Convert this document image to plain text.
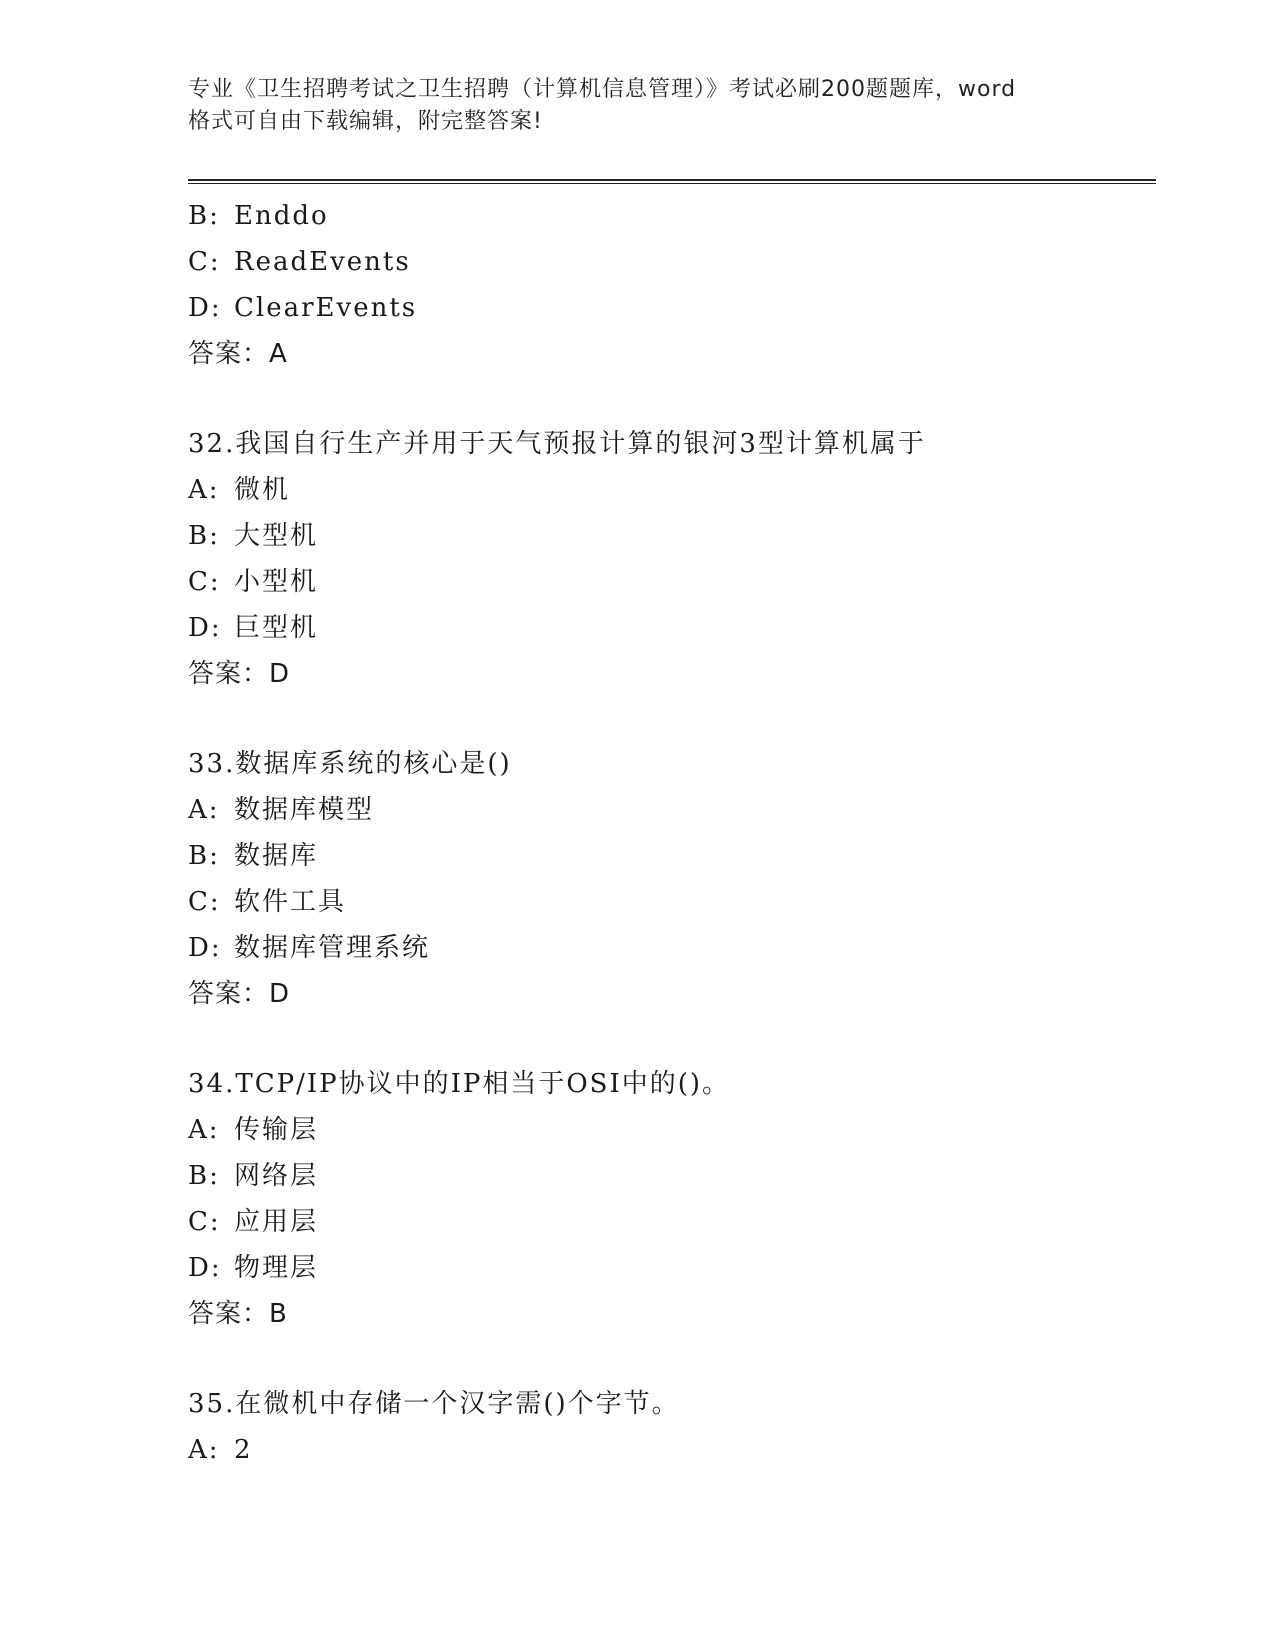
专业《卫生招聘考试之卫生招聘（计算机信息管理）》考试必刷200题题库，word
格式可自由下载编辑，附完整答案!
B: Enddo
C: ReadEvents
D: ClearEvents
答案：A
32.我国自行生产并用于天气预报计算的银河3型计算机属于
A: 微机
B: 大型机
C: 小型机
D: 巨型机
答案：D
33.数据库系统的核心是()
A: 数据库模型
B: 数据库
C: 软件工具
D: 数据库管理系统
答案：D
34.TCP/IP协议中的IP相当于OSI中的()。
A: 传输层
B: 网络层
C: 应用层
D: 物理层
答案：B
35.在微机中存储一个汉字需()个字节。
A: 2
